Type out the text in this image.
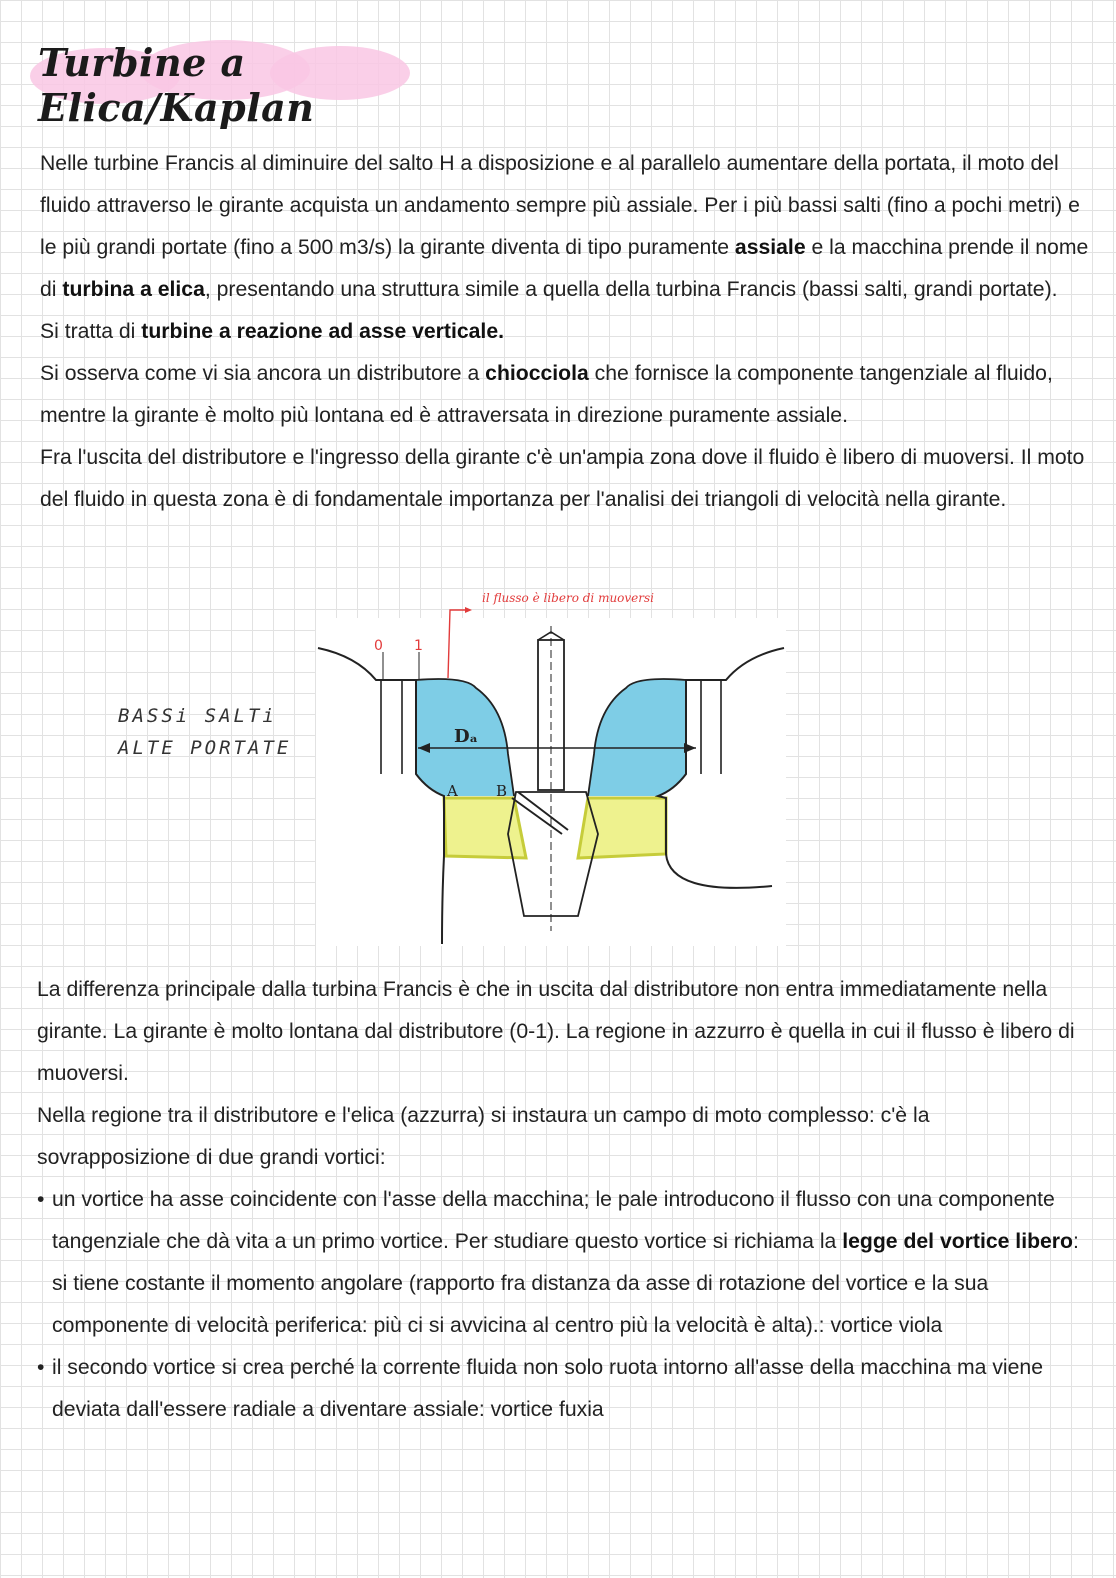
Turbine a Elica/Kaplan
Nelle turbine Francis al diminuire del salto H a disposizione e al parallelo aumentare della portata, il moto del fluido attraverso le girante acquista un andamento sempre più assiale. Per i più bassi salti (fino a pochi metri) e le più grandi portate (fino a 500 m3/s) la girante diventa di tipo puramente assiale e la macchina prende il nome di turbina a elica, presentando una struttura simile a quella della turbina Francis (bassi salti, grandi portate).
Si tratta di turbine a reazione ad asse verticale.
Si osserva come vi sia ancora un distributore a chiocciola che fornisce la componente tangenziale al fluido, mentre la girante è molto più lontana ed è attraversata in direzione puramente assiale.
Fra l'uscita del distributore e l'ingresso della girante c'è un'ampia zona dove il fluido è libero di muoversi. Il moto del fluido in questa zona è di fondamentale importanza per l'analisi dei triangoli di velocità nella girante.
BASSi SALTi
ALTE PORTATE
il flusso è libero di muoversi
0 1
Dₐ
A	B
La differenza principale dalla turbina Francis è che in uscita dal distributore non entra immediatamente nella girante. La girante è molto lontana dal distributore (0-1). La regione in azzurro è quella in cui il flusso è libero di muoversi.
Nella regione tra il distributore e l'elica (azzurra) si instaura un campo di moto complesso: c'è la sovrapposizione di due grandi vortici:
• un vortice ha asse coincidente con l'asse della macchina; le pale introducono il flusso con una componente tangenziale che dà vita a un primo vortice. Per studiare questo vortice si richiama la legge del vortice libero: si tiene costante il momento angolare (rapporto fra distanza da asse di rotazione del vortice e la sua componente di velocità periferica: più ci si avvicina al centro più la velocità è alta).: vortice viola
• il secondo vortice si crea perché la corrente fluida non solo ruota intorno all'asse della macchina ma viene deviata dall'essere radiale a diventare assiale: vortice fuxia
